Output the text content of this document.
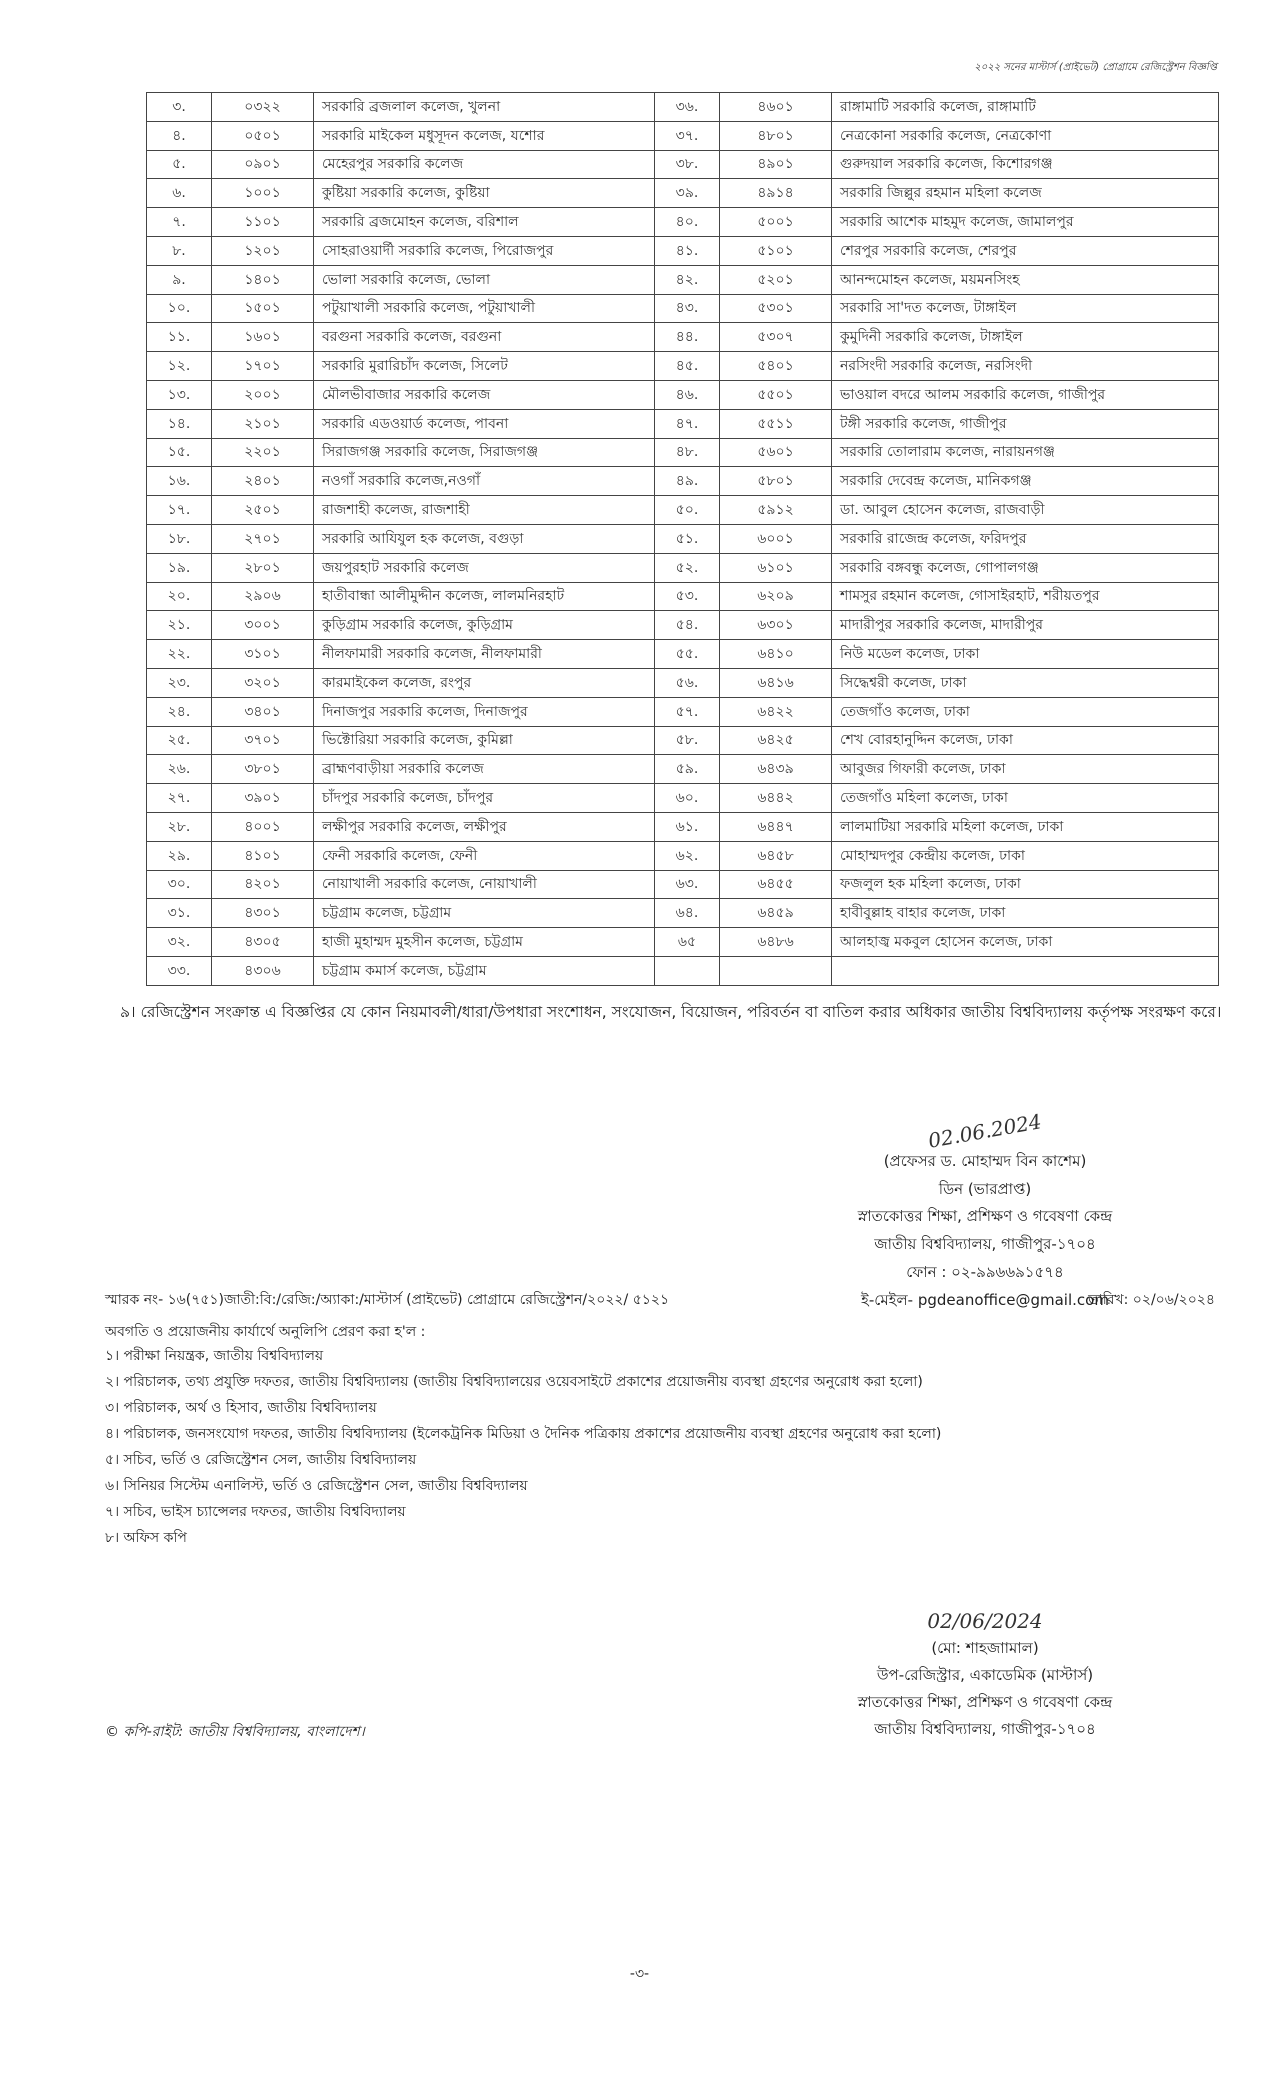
২০২২ সনের মাস্টার্স (প্রাইভেট) প্রোগ্রামে রেজিস্ট্রেশন বিজ্ঞপ্তি
৩.	০৩২২	সরকারি ব্রজলাল কলেজ, খুলনা	৩৬.	৪৬০১	রাঙ্গামাটি সরকারি কলেজ, রাঙ্গামাটি
৪.	০৫০১	সরকারি মাইকেল মধুসূদন কলেজ, যশোর	৩৭.	৪৮০১	নেত্রকোনা সরকারি কলেজ, নেত্রকোণা
৫.	০৯০১	মেহেরপুর সরকারি কলেজ	৩৮.	৪৯০১	গুরুদয়াল সরকারি কলেজ, কিশোরগঞ্জ
৬.	১০০১	কুষ্টিয়া সরকারি কলেজ, কুষ্টিয়া	৩৯.	৪৯১৪	সরকারি জিল্লুর রহমান মহিলা কলেজ
৭.	১১০১	সরকারি ব্রজমোহন কলেজ, বরিশাল	৪০.	৫০০১	সরকারি আশেক মাহমুদ কলেজ, জামালপুর
৮.	১২০১	সোহরাওয়ার্দী সরকারি কলেজ, পিরোজপুর	৪১.	৫১০১	শেরপুর সরকারি কলেজ, শেরপুর
৯.	১৪০১	ভোলা সরকারি কলেজ, ভোলা	৪২.	৫২০১	আনন্দমোহন কলেজ, ময়মনসিংহ
১০.	১৫০১	পটুয়াখালী সরকারি কলেজ, পটুয়াখালী	৪৩.	৫৩০১	সরকারি সা'দত কলেজ, টাঙ্গাইল
১১.	১৬০১	বরগুনা সরকারি কলেজ, বরগুনা	৪৪.	৫৩০৭	কুমুদিনী সরকারি কলেজ, টাঙ্গাইল
১২.	১৭০১	সরকারি মুরারিচাঁদ কলেজ, সিলেট	৪৫.	৫৪০১	নরসিংদী সরকারি কলেজ, নরসিংদী
১৩.	২০০১	মৌলভীবাজার সরকারি কলেজ	৪৬.	৫৫০১	ভাওয়াল বদরে আলম সরকারি কলেজ, গাজীপুর
১৪.	২১০১	সরকারি এডওয়ার্ড কলেজ, পাবনা	৪৭.	৫৫১১	টঙ্গী সরকারি কলেজ, গাজীপুর
১৫.	২২০১	সিরাজগঞ্জ সরকারি কলেজ, সিরাজগঞ্জ	৪৮.	৫৬০১	সরকারি তোলারাম কলেজ, নারায়নগঞ্জ
১৬.	২৪০১	নওগাঁ সরকারি কলেজ,নওগাঁ	৪৯.	৫৮০১	সরকারি দেবেন্দ্র কলেজ, মানিকগঞ্জ
১৭.	২৫০১	রাজশাহী কলেজ, রাজশাহী	৫০.	৫৯১২	ডা. আবুল হোসেন কলেজ, রাজবাড়ী
১৮.	২৭০১	সরকারি আযিযুল হক কলেজ, বগুড়া	৫১.	৬০০১	সরকারি রাজেন্দ্র কলেজ, ফরিদপুর
১৯.	২৮০১	জয়পুরহাট সরকারি কলেজ	৫২.	৬১০১	সরকারি বঙ্গবন্ধু কলেজ, গোপালগঞ্জ
২০.	২৯০৬	হাতীবান্ধা আলীমুদ্দীন কলেজ, লালমনিরহাট	৫৩.	৬২০৯	শামসুর রহমান কলেজ, গোসাইরহাট, শরীয়তপুর
২১.	৩০০১	কুড়িগ্রাম সরকারি কলেজ, কুড়িগ্রাম	৫৪.	৬৩০১	মাদারীপুর সরকারি কলেজ, মাদারীপুর
২২.	৩১০১	নীলফামারী সরকারি কলেজ, নীলফামারী	৫৫.	৬৪১০	নিউ মডেল কলেজ, ঢাকা
২৩.	৩২০১	কারমাইকেল কলেজ, রংপুর	৫৬.	৬৪১৬	সিদ্ধেশ্বরী কলেজ, ঢাকা
২৪.	৩৪০১	দিনাজপুর সরকারি কলেজ, দিনাজপুর	৫৭.	৬৪২২	তেজগাঁও কলেজ, ঢাকা
২৫.	৩৭০১	ভিক্টোরিয়া সরকারি কলেজ, কুমিল্লা	৫৮.	৬৪২৫	শেখ বোরহানুদ্দিন কলেজ, ঢাকা
২৬.	৩৮০১	ব্রাহ্মণবাড়ীয়া সরকারি কলেজ	৫৯.	৬৪৩৯	আবুজর গিফারী কলেজ, ঢাকা
২৭.	৩৯০১	চাঁদপুর সরকারি কলেজ, চাঁদপুর	৬০.	৬৪৪২	তেজগাঁও মহিলা কলেজ, ঢাকা
২৮.	৪০০১	লক্ষীপুর সরকারি কলেজ, লক্ষীপুর	৬১.	৬৪৪৭	লালমাটিয়া সরকারি মহিলা কলেজ, ঢাকা
২৯.	৪১০১	ফেনী সরকারি কলেজ, ফেনী	৬২.	৬৪৫৮	মোহাম্মদপুর কেন্দ্রীয় কলেজ, ঢাকা
৩০.	৪২০১	নোয়াখালী সরকারি কলেজ, নোয়াখালী	৬৩.	৬৪৫৫	ফজলুল হক মহিলা কলেজ, ঢাকা
৩১.	৪৩০১	চট্টগ্রাম কলেজ, চট্টগ্রাম	৬৪.	৬৪৫৯	হাবীবুল্লাহ বাহার কলেজ, ঢাকা
৩২.	৪৩০৫	হাজী মুহাম্মদ মুহসীন কলেজ, চট্টগ্রাম	৬৫	৬৪৮৬	আলহাজ্ব মকবুল হোসেন কলেজ, ঢাকা
৩৩.	৪৩০৬	চট্টগ্রাম কমার্স কলেজ, চট্টগ্রাম			
৯। রেজিস্ট্রেশন সংক্রান্ত এ বিজ্ঞপ্তির যে কোন নিয়মাবলী/ধারা/উপধারা সংশোধন, সংযোজন, বিয়োজন, পরিবর্তন বা বাতিল করার অধিকার জাতীয় বিশ্ববিদ্যালয় কর্তৃপক্ষ সংরক্ষণ করে।
02.06.2024
(প্রফেসর ড. মোহাম্মদ বিন কাশেম)
ডিন (ভারপ্রাপ্ত)
স্নাতকোত্তর শিক্ষা, প্রশিক্ষণ ও গবেষণা কেন্দ্র
জাতীয় বিশ্ববিদ্যালয়, গাজীপুর-১৭০৪
ফোন : ০২-৯৯৬৬৯১৫৭৪
ই-মেইল- pgdeanoffice@gmail.com
স্মারক নং- ১৬(৭৫১)জাতী:বি:/রেজি:/অ্যাকা:/মাস্টার্স (প্রাইভেট) প্রোগ্রামে রেজিস্ট্রেশন/২০২২/ ৫১২১	তারিখ: ০২/০৬/২০২৪
অবগতি ও প্রয়োজনীয় কার্যার্থে অনুলিপি প্রেরণ করা হ'ল :
১। পরীক্ষা নিয়ন্ত্রক, জাতীয় বিশ্ববিদ্যালয়
২। পরিচালক, তথ্য প্রযুক্তি দফতর, জাতীয় বিশ্ববিদ্যালয় (জাতীয় বিশ্ববিদ্যালয়ের ওয়েবসাইটে প্রকাশের প্রয়োজনীয় ব্যবস্থা গ্রহণের অনুরোধ করা হলো)
৩। পরিচালক, অর্থ ও হিসাব, জাতীয় বিশ্ববিদ্যালয়
৪। পরিচালক, জনসংযোগ দফতর, জাতীয় বিশ্ববিদ্যালয় (ইলেকট্রনিক মিডিয়া ও দৈনিক পত্রিকায় প্রকাশের প্রয়োজনীয় ব্যবস্থা গ্রহণের অনুরোধ করা হলো)
৫। সচিব, ভর্তি ও রেজিস্ট্রেশন সেল, জাতীয় বিশ্ববিদ্যালয়
৬। সিনিয়র সিস্টেম এনালিস্ট, ভর্তি ও রেজিস্ট্রেশন সেল, জাতীয় বিশ্ববিদ্যালয়
৭। সচিব, ভাইস চ্যান্সেলর দফতর, জাতীয় বিশ্ববিদ্যালয়
৮। অফিস কপি
02/06/2024
(মো: শাহজাামাল)
উপ-রেজিস্ট্রার, একাডেমিক (মাস্টার্স)
স্নাতকোত্তর শিক্ষা, প্রশিক্ষণ ও গবেষণা কেন্দ্র
জাতীয় বিশ্ববিদ্যালয়, গাজীপুর-১৭০৪
© কপি-রাইট: জাতীয় বিশ্ববিদ্যালয়, বাংলাদেশ।
-৩-
